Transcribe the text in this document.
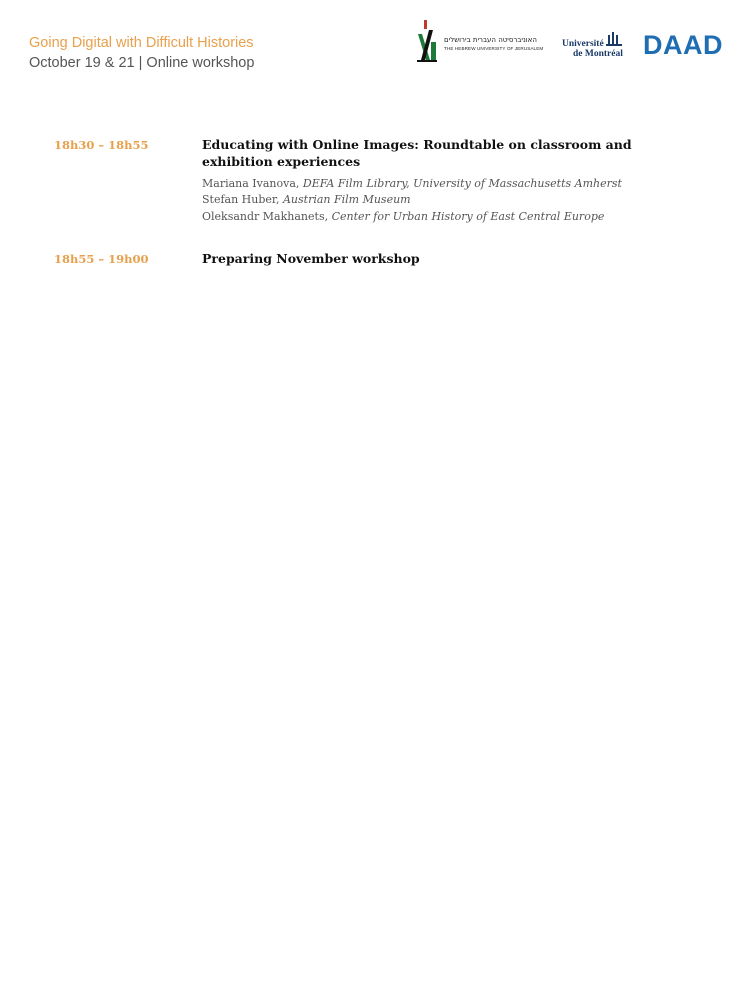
Going Digital with Difficult Histories
October 19 & 21 | Online workshop
האוניברסיטה העברית בירושלים
THE HEBREW UNIVERSITY OF JERUSALEM Université
de Montréal DAAD
18h30 – 18h55	Educating with Online Images: Roundtable on classroom and exhibition experiences
Mariana Ivanova, DEFA Film Library, University of Massachusetts Amherst
Stefan Huber, Austrian Film Museum
Oleksandr Makhanets, Center for Urban History of East Central Europe
18h55 – 19h00	Preparing November workshop
